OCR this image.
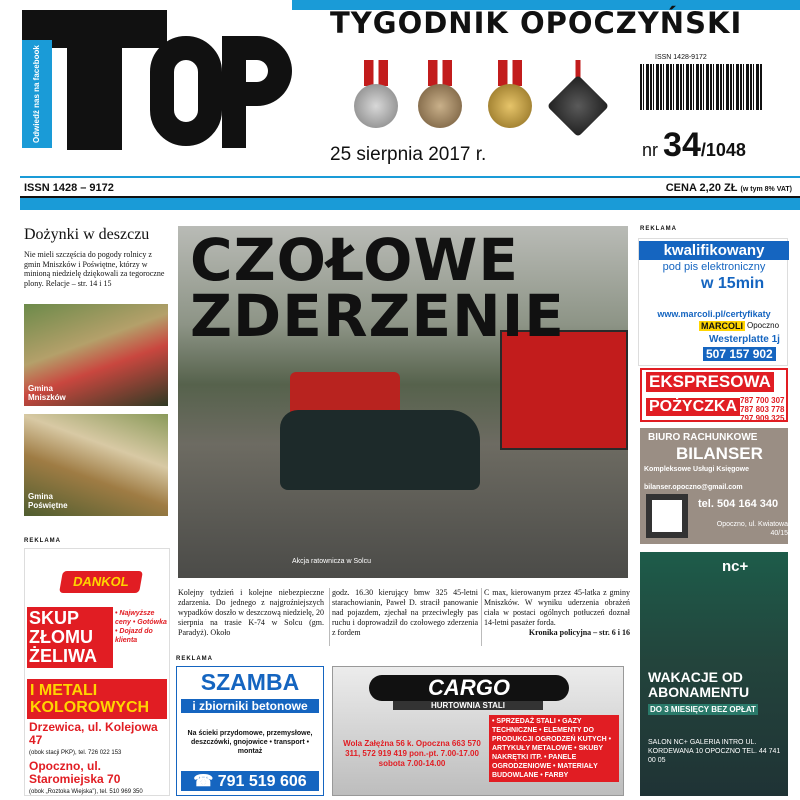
Odwiedź nas na facebook
TYGODNIK OPOCZYŃSKI
ISSN 1428-9172
25 sierpnia 2017 r.	nr 34/1048
ISSN 1428 – 9172	CENA 2,20 ZŁ (w tym 8% VAT)
Dożynki w deszczu
Nie mieli szczęścia do pogody rolnicy z gmin Mniszków i Poświętne, którzy w minioną niedzielę dziękowali za tegoroczne plony. Relacje – str. 14 i 15
Gmina Mniszków
Gmina Poświętne
REKLAMA
DANKOL
SKUP ZŁOMU ŻELIWA
• Najwyższe ceny • Gotówka • Dojazd do klienta
I METALI KOLOROWYCH
Drzewica, ul. Kolejowa 47
(obok stacji PKP), tel. 726 022 153
Opoczno, ul. Staromiejska 70
(obok „Roztoka Wiejska”), tel. 510 969 350
CZOŁOWE
ZDERZENIE
Akcja ratownicza w Solcu
Kolejny tydzień i kolejne niebezpieczne zdarzenia. Do jednego z najgroźniejszych wypadków doszło w deszczową niedzielę, 20 sierpnia na trasie K-74 w Solcu (gm. Paradyż). Około
godz. 16.30 kierujący bmw 325 45-letni starachowianin, Paweł D. stracił panowanie nad pojazdem, zjechał na przeciwległy pas ruchu i doprowadził do czołowego zderzenia z fordem
C max, kierowanym przez 45-latka z gminy Mniszków. W wyniku uderzenia obrażeń ciała w postaci ogólnych potłuczeń doznał 14-letni pasażer forda.
Kronika policyjna – str. 6 i 16
REKLAMA
kwalifikowany
pod pis elektroniczny
w 15min
www.marcoli.pl/certyfikaty
MARCOLI Opoczno
Westerplatte 1j
507 157 902
EKSPRESOWA
POŻYCZKA 787 700 307 787 803 778 797 909 325
BIURO RACHUNKOWE
BILANSER
Kompleksowe Usługi Księgowe
bilanser.opoczno@gmail.com
tel. 504 164 340
Opoczno, ul. Kwiatowa 40/15
nc+
WAKACJE OD ABONAMENTU
DO 3 MIESIĘCY BEZ OPŁAT
SALON NC+ GALERIA INTRO UL. KORDEWANA 10 OPOCZNO TEL. 44 741 00 05
REKLAMA
SZAMBA
i zbiorniki betonowe
Na ścieki przydomowe, przemysłowe, deszczówki, gnojowice • transport • montaż
☎ 791 519 606
CARGO
HURTOWNIA STALI
Wola Załężna 56 k. Opoczna 663 570 311, 572 919 419 pon.-pt. 7.00-17.00 sobota 7.00-14.00
• SPRZEDAŻ STALI • GAZY TECHNICZNE • ELEMENTY DO PRODUKCJI OGRODZEŃ KUTYCH • ARTYKUŁY METALOWE • SKUBY NAKRĘTKI ITP. • PANELE OGRODZENIOWE • MATERIAŁY BUDOWLANE • FARBY
